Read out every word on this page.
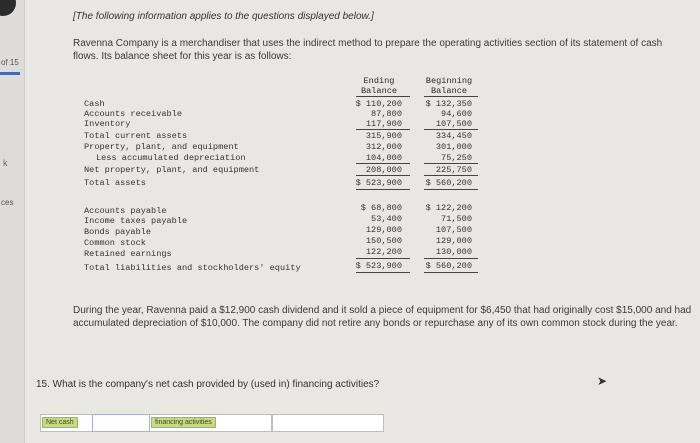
of 15
k
ces
[The following information applies to the questions displayed below.]
Ravenna Company is a merchandiser that uses the indirect method to prepare the operating activities section of its statement of cash flows. Its balance sheet for this year is as follows:
Ending
Balance
Beginning
Balance
Cash	$ 110,200	$ 132,350
Accounts receivable	87,800	94,600
Inventory	117,900	107,500
Total current assets	315,900	334,450
Property, plant, and equipment	312,000	301,000
Less accumulated depreciation	104,000	75,250
Net property, plant, and equipment	208,000	225,750
Total assets	$ 523,900	$ 560,200
Accounts payable	$ 68,800	$ 122,200
Income taxes payable	53,400	71,500
Bonds payable	129,000	107,500
Common stock	150,500	129,000
Retained earnings	122,200	130,000
Total liabilities and stockholders' equity	$ 523,900	$ 560,200
During the year, Ravenna paid a $12,900 cash dividend and it sold a piece of equipment for $6,450 that had originally cost $15,000 and had accumulated depreciation of $10,000. The company did not retire any bonds or repurchase any of its own common stock during the year.
15. What is the company's net cash provided by (used in) financing activities?	➤
Net cash	financing activities
